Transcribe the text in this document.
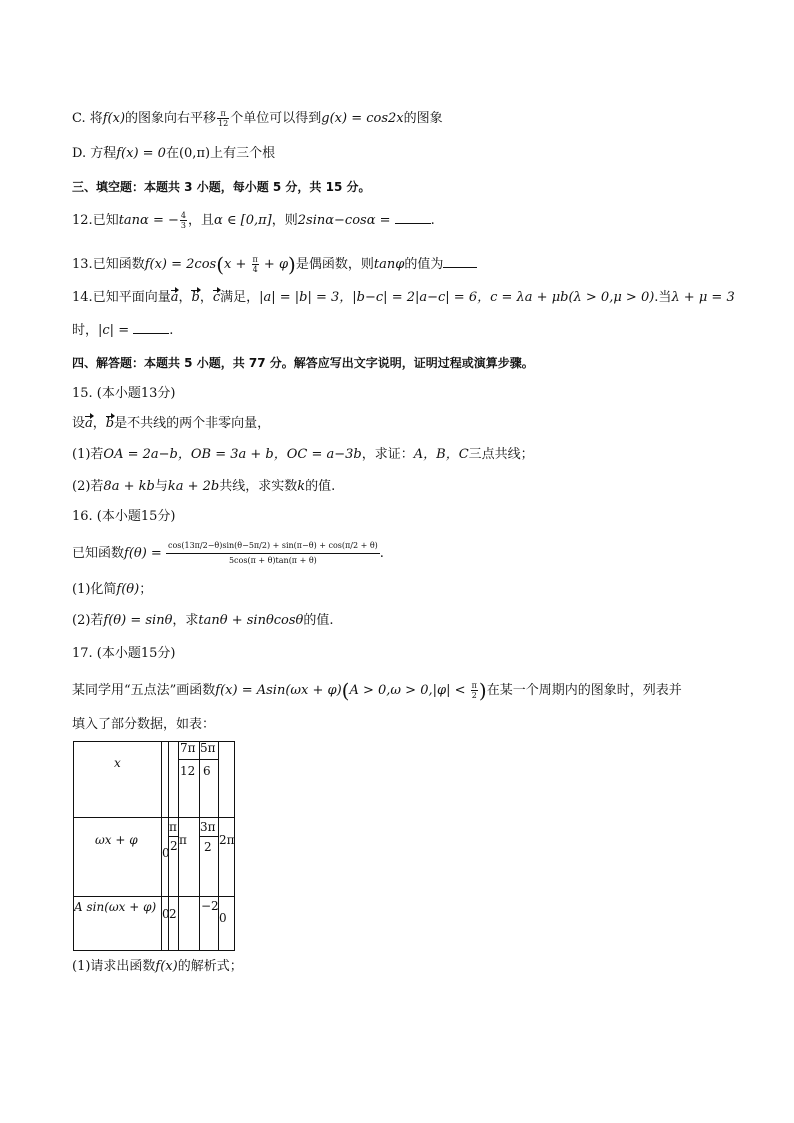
C. 将f(x)的图象向右平移 $\frac{\pi}{12}$ 个单位可以得到g(x) = cos2x的图象
D. 方程f(x) = 0在(0,π)上有三个根
三、填空题：本题共 3 小题，每小题 5 分，共 15 分。
12.已知tanα = − $\frac{4}{3}$ ，且α ∈ [0,π]，则2sinα−cosα =	.
13.已知函数$f(x) = 2\cos(x + \frac{\pi}{4} + \varphi)$是偶函数，则tanφ的值为
14.已知平面向量a，b，c满足，|a| = |b| = 3，|b−c| = 2|a−c| = 6，c = λa + μb(λ > 0,μ > 0).当λ + μ = 3
时，|c| =	.
四、解答题：本题共 5 小题，共 77 分。解答应写出文字说明，证明过程或演算步骤。
15. (本小题13分)
设a，b是不共线的两个非零向量，
(1)若OA = 2a−b，OB = 3a + b，OC = a−3b，求证：A，B，C三点共线；
(2)若8a + kb与ka + 2b共线，求实数k的值.
16. (本小题15分)
已知函数$f(\theta) = \frac{\cos(13\pi/2-\theta)\sin(\theta-5\pi/2) + \sin(\pi-\theta) + \cos(\pi/2 + \theta)}{5\cos(\pi + \theta)\tan(\pi + \theta)}$ .
(1)化简f(θ)；
(2)若f(θ) = sinθ，求tanθ + sinθcosθ的值.
17. (本小题15分)
某同学用“五点法”画函数$f(x) = Asin(\omega x + \varphi)(A > 0,\omega > 0,|\varphi| < \frac{\pi}{2}$ )在某一个周期内的图象时，列表并
填入了部分数据，如表：
x
7π
12
5π
6
ωx + φ
0
π
2 π
3π
2 2π
A sin(ωx + φ) 0 2
−2
0
(1)请求出函数f(x)的解析式；
